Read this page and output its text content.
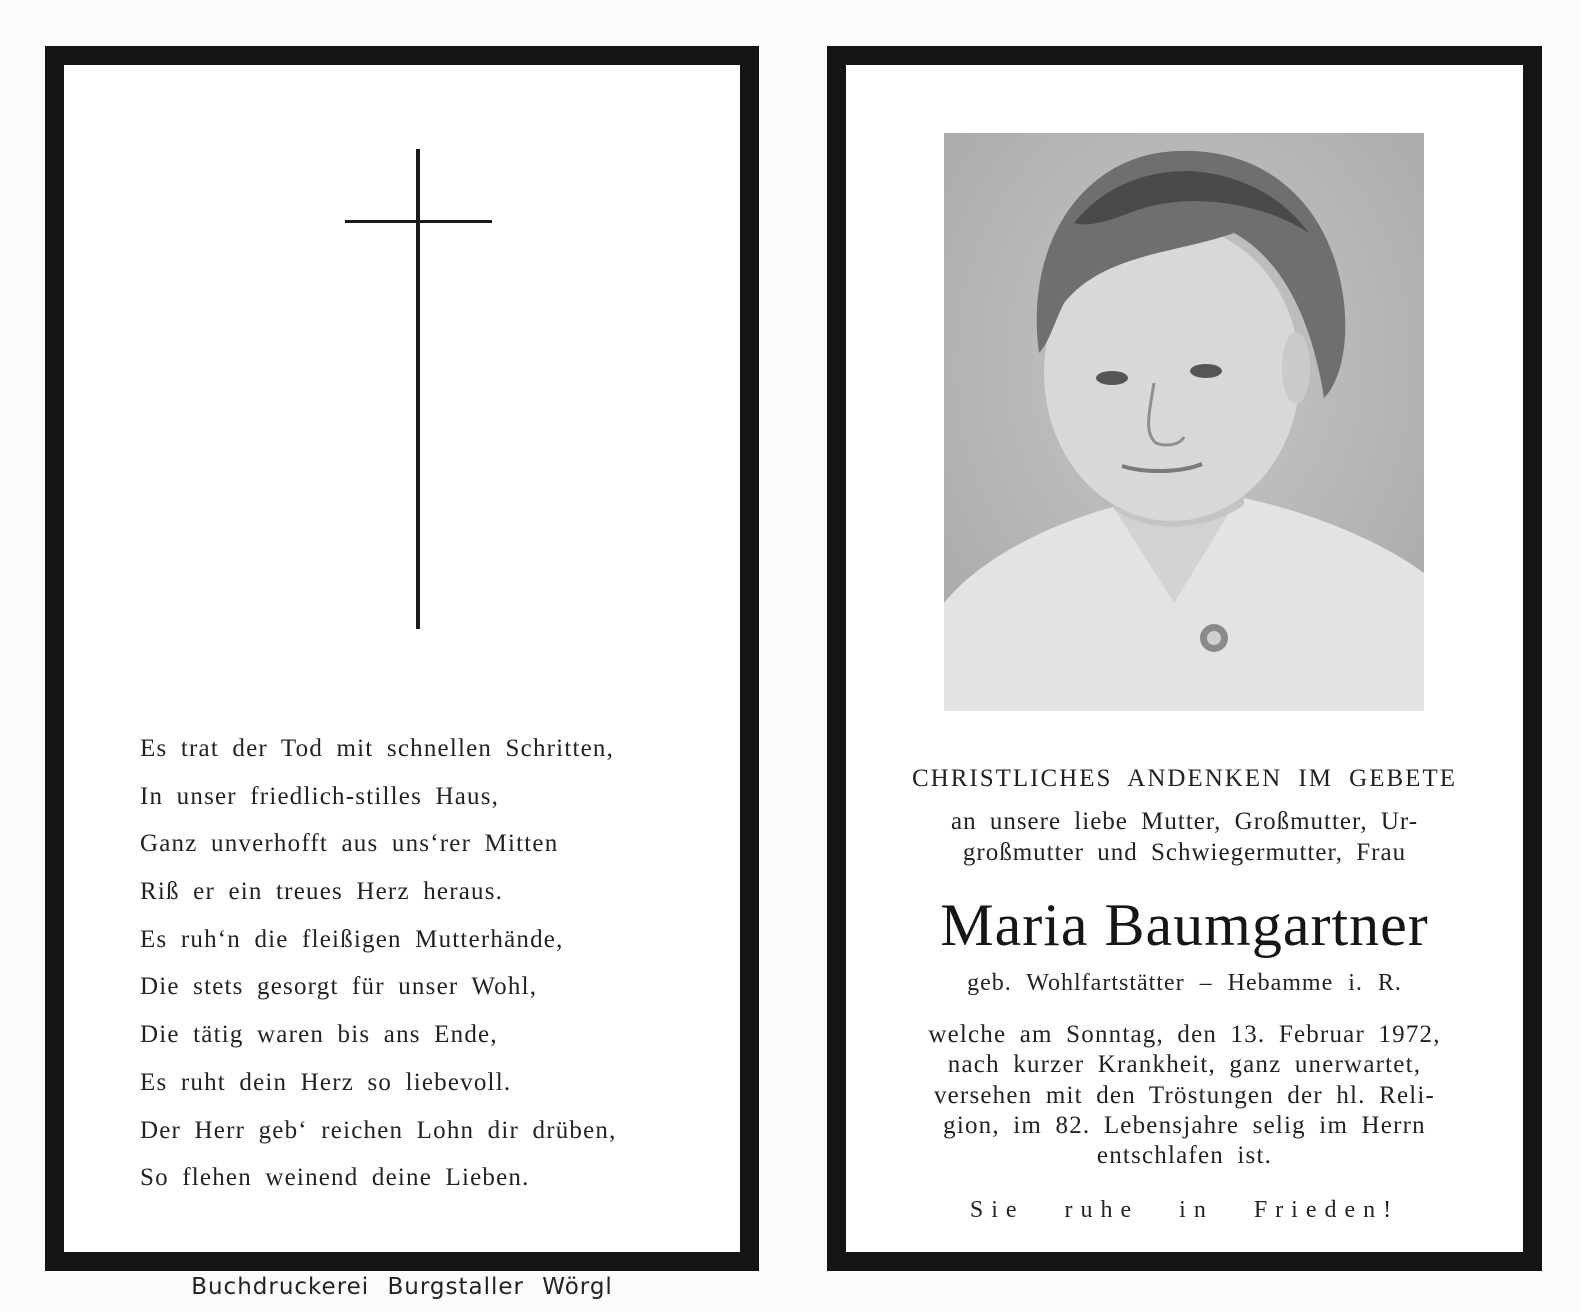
Es trat der Tod mit schnellen Schritten,
In unser friedlich-stilles Haus,
Ganz unverhofft aus uns‘rer Mitten
Riß er ein treues Herz heraus.
Es ruh‘n die fleißigen Mutterhände,
Die stets gesorgt für unser Wohl,
Die tätig waren bis ans Ende,
Es ruht dein Herz so liebevoll.
Der Herr geb‘ reichen Lohn dir drüben,
So flehen weinend deine Lieben.
Buchdruckerei Burgstaller Wörgl
CHRISTLICHES ANDENKEN IM GEBETE
an unsere liebe Mutter, Großmutter, Ur-
großmutter und Schwiegermutter, Frau
Maria Baumgartner
geb. Wohlfartstätter – Hebamme i. R.
welche am Sonntag, den 13. Februar 1972,
nach kurzer Krankheit, ganz unerwartet,
versehen mit den Tröstungen der hl. Reli-
gion, im 82. Lebensjahre selig im Herrn
entschlafen ist.
Sie ruhe in Frieden!
